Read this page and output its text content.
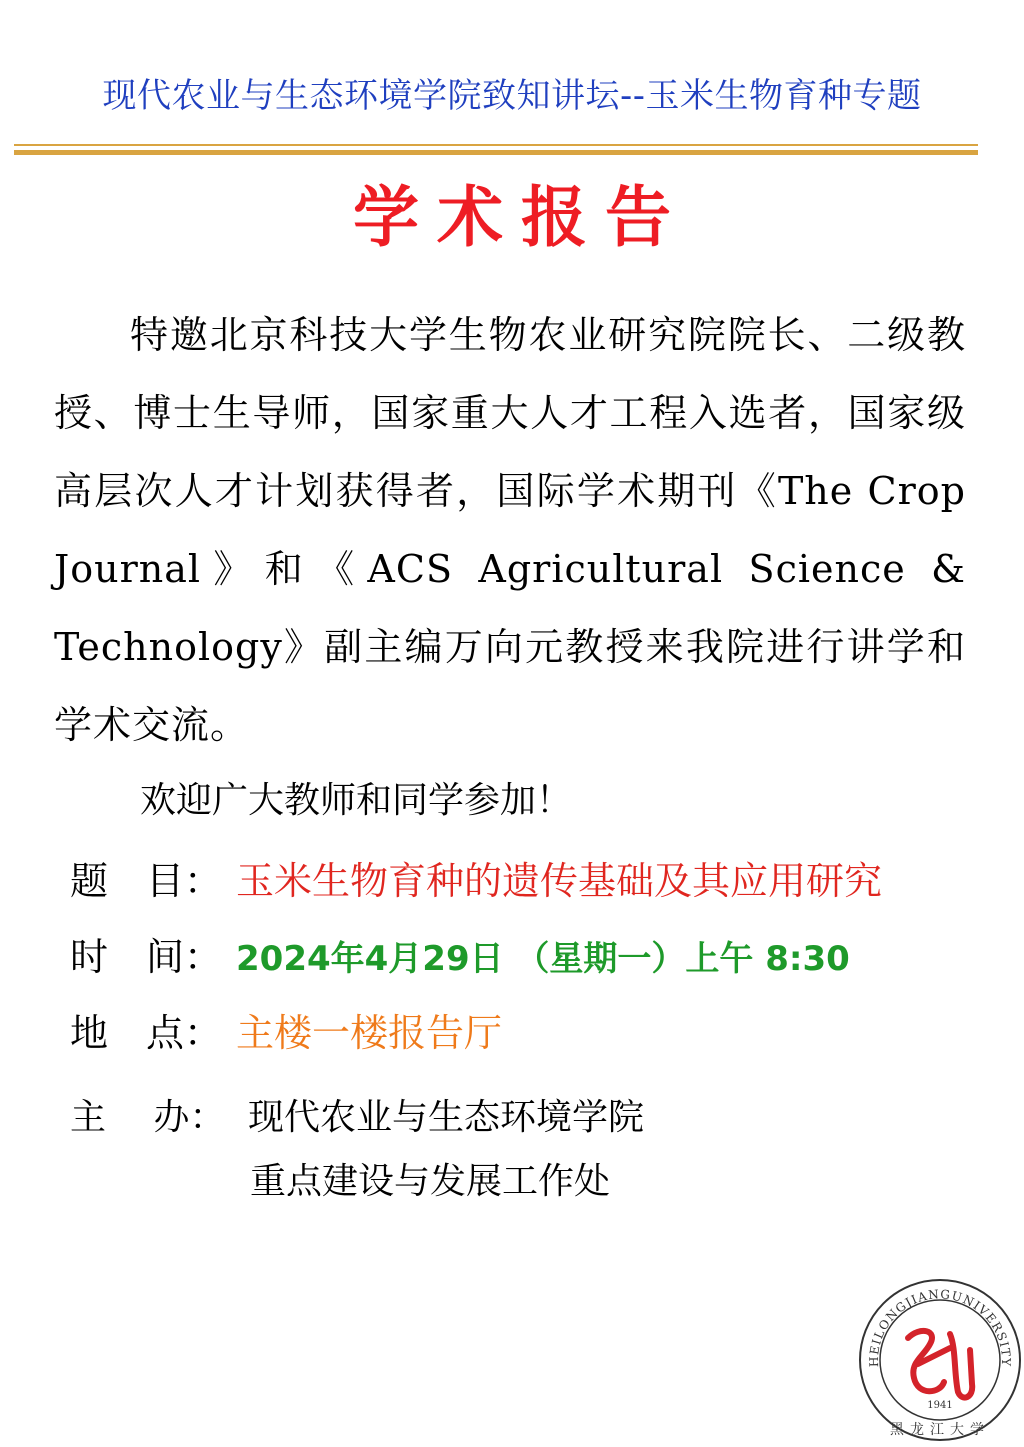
现代农业与生态环境学院致知讲坛--玉米生物育种专题
学术报告

特邀北京科技大学生物农业研究院院长、二级教授、博士生导师，国家重大人才工程入选者，国家级高层次人才计划获得者，国际学术期刊《The Crop Journal》和《ACS Agricultural Science & Technology》副主编万向元教授来我院进行讲学和学术交流。

欢迎广大教师和同学参加！
题　目： 玉米生物育种的遗传基础及其应用研究
时　间： 2024年4月29日 （星期一）上午 8:30
地　点： 主楼一楼报告厅
主　 办： 现代农业与生态环境学院
重点建设与发展工作处
HEILONGJIANGUNIVERSITY
1941
黑龙江大学
